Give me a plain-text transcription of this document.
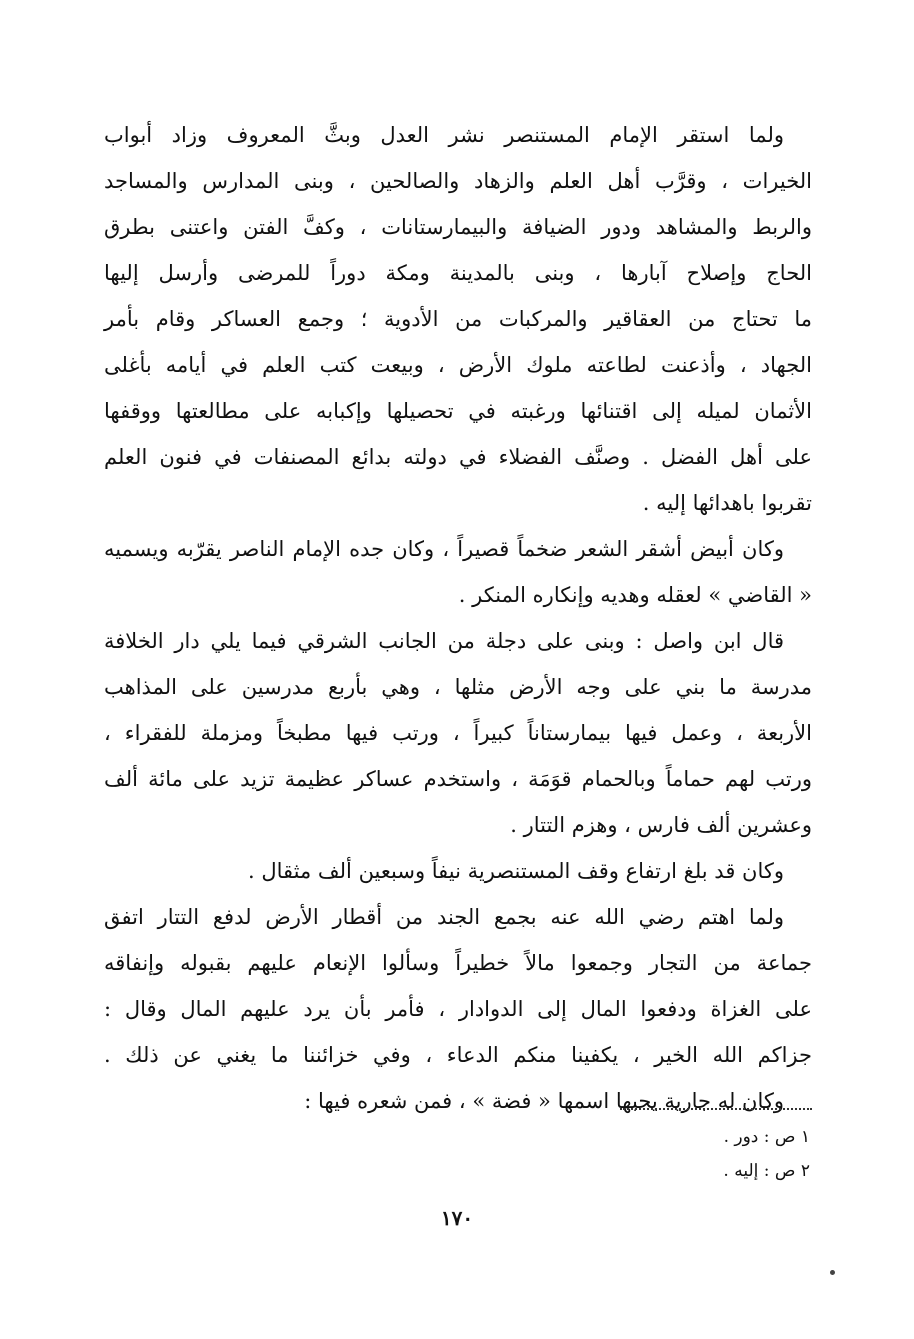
ولما استقر الإمام المستنصر نشر العدل وبثَّ المعروف وزاد أبواب
الخيرات ، وقرَّب أهل العلم والزهاد والصالحين ، وبنى المدارس والمساجد
والربط والمشاهد ودور الضيافة والبيمارستانات ، وكفَّ الفتن واعتنى بطرق
الحاج وإصلاح آبارها ، وبنى بالمدينة ومكة دوراً للمرضى وأرسل إليها
ما تحتاج من العقاقير والمركبات من الأدوية ؛ وجمع العساكر وقام بأمر
الجهاد ، وأذعنت لطاعته ملوك الأرض ، وبيعت كتب العلم في أيامه بأغلى
الأثمان لميله إلى اقتنائها ورغبته في تحصيلها وإكبابه على مطالعتها ووقفها
على أهل الفضل . وصنَّف الفضلاء في دولته بدائع المصنفات في فنون العلم
تقربوا باهدائها إليه .
وكان أبيض أشقر الشعر ضخماً قصيراً ، وكان جده الإمام الناصر يقرّبه ويسميه
« القاضي » لعقله وهديه وإنكاره المنكر .
قال ابن واصل : وبنى على دجلة من الجانب الشرقي فيما يلي دار الخلافة
مدرسة ما بني على وجه الأرض مثلها ، وهي بأربع مدرسين على المذاهب
الأربعة ، وعمل فيها بيمارستاناً كبيراً ، ورتب فيها مطبخاً ومزملة للفقراء ،
ورتب لهم حماماً وبالحمام قوَمَة ، واستخدم عساكر عظيمة تزيد على مائة ألف
وعشرين ألف فارس ، وهزم التتار .
وكان قد بلغ ارتفاع وقف المستنصرية نيفاً وسبعين ألف مثقال .
ولما اهتم رضي الله عنه بجمع الجند من أقطار الأرض لدفع التتار اتفق
جماعة من التجار وجمعوا مالاً خطيراً وسألوا الإنعام عليهم بقبوله وإنفاقه
على الغزاة ودفعوا المال إلى الدوادار ، فأمر بأن يرد عليهم المال وقال :
جزاكم الله الخير ، يكفينا منكم الدعاء ، وفي خزائننا ما يغني عن ذلك .
وكان له جارية يحبها اسمها « فضة » ، فمن شعره فيها :
١ ص : دور .
٢ ص : إليه .
١٧٠
